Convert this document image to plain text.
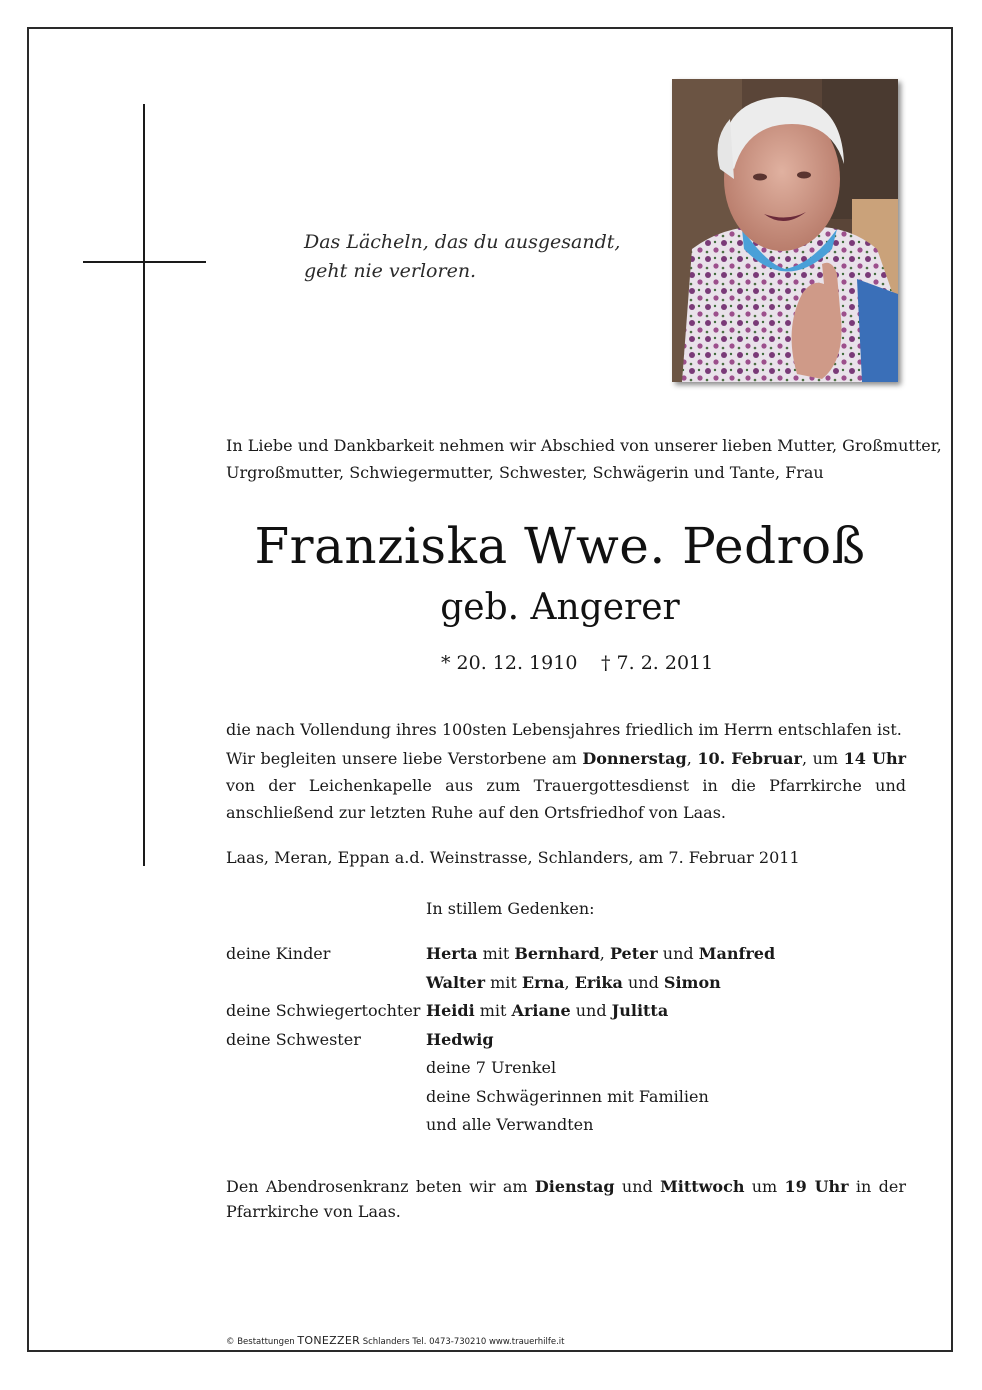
Das Lächeln, das du ausgesandt,
geht nie verloren.
In Liebe und Dankbarkeit nehmen wir Abschied von unserer lieben Mutter, Großmutter,
Urgroßmutter, Schwiegermutter, Schwester, Schwägerin und Tante, Frau
Franziska Wwe. Pedroß
geb. Angerer
* 20. 12. 1910 † 7. 2. 2011

die nach Vollendung ihres 100sten Lebensjahres friedlich im Herrn entschlafen ist.

Wir begleiten unsere liebe Verstorbene am Donnerstag, 10. Februar, um 14 Uhr von der Leichenkapelle aus zum Trauergottesdienst in die Pfarrkirche und anschließend zur letzten Ruhe auf den Ortsfriedhof von Laas.

Laas, Meran, Eppan a.d. Weinstrasse, Schlanders, am 7. Februar 2011
In stillem Gedenken:
deine Kinder	Herta mit Bernhard, Peter und Manfred
Walter mit Erna, Erika und Simon
deine Schwiegertochter Heidi mit Ariane und Julitta
deine Schwester	Hedwig
deine 7 Urenkel
deine Schwägerinnen mit Familien
und alle Verwandten
Den Abendrosenkranz beten wir am Dienstag und Mittwoch um 19 Uhr in der Pfarrkirche von Laas.
© Bestattungen TONEZZER Schlanders Tel. 0473-730210 www.trauerhilfe.it
